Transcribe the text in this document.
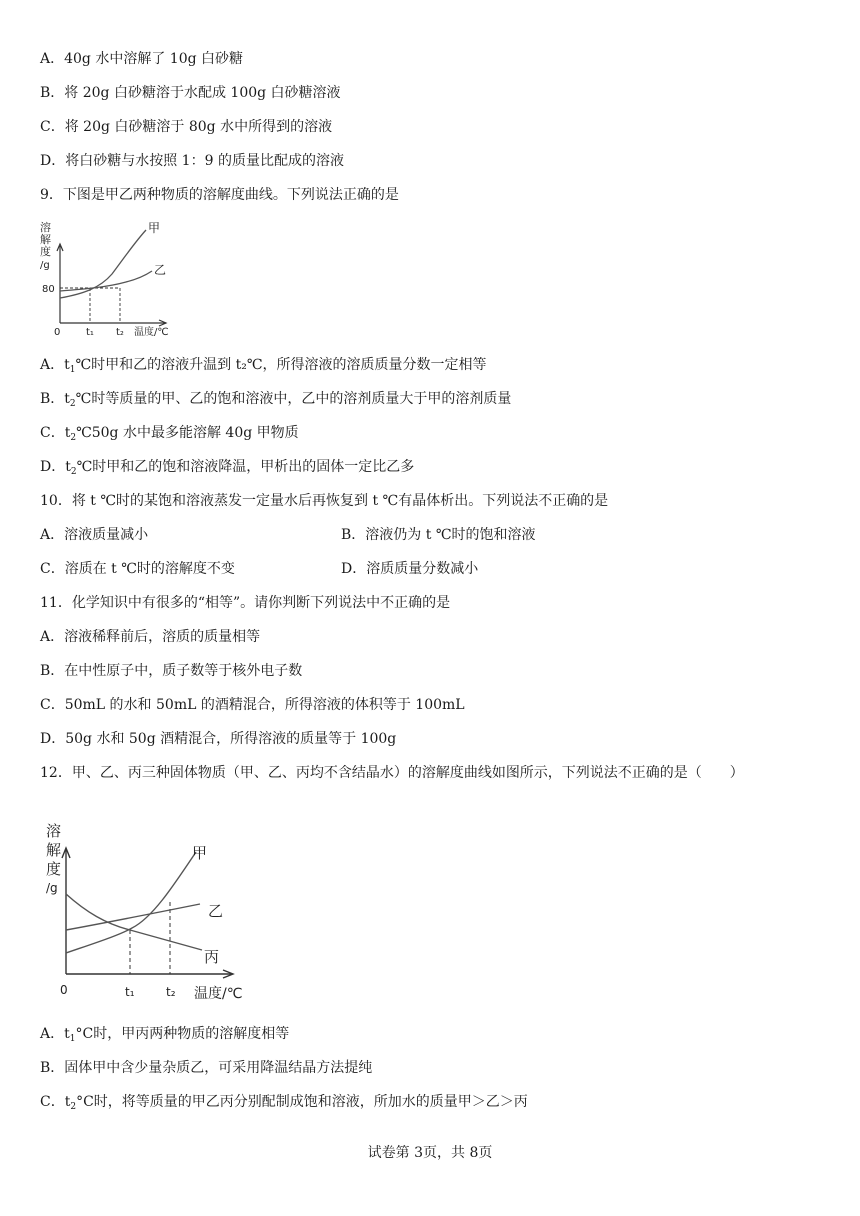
A．40g 水中溶解了 10g 白砂糖
B．将 20g 白砂糖溶于水配成 100g 白砂糖溶液
C．将 20g 白砂糖溶于 80g 水中所得到的溶液
D．将白砂糖与水按照 1：9 的质量比配成的溶液
9．下图是甲乙两种物质的溶解度曲线。下列说法正确的是
溶
解
度
/g
80
0	t₁ t₂ 温度/℃
甲
乙
A．$t_1℃$时甲和乙的溶液升温到 t₂℃，所得溶液的溶质质量分数一定相等
B．$t_2℃$时等质量的甲、乙的饱和溶液中，乙中的溶剂质量大于甲的溶剂质量
C．$t_2℃50g$ 水中最多能溶解 40g 甲物质
D．$t_2℃$时甲和乙的饱和溶液降温，甲析出的固体一定比乙多
10．将 t ℃时的某饱和溶液蒸发一定量水后再恢复到 t ℃有晶体析出。下列说法不正确的是
A．溶液质量减小	B．溶液仍为 t ℃时的饱和溶液
C．溶质在 t ℃时的溶解度不变	D．溶质质量分数减小
11．化学知识中有很多的“相等”。请你判断下列说法中不正确的是
A．溶液稀释前后，溶质的质量相等
B．在中性原子中，质子数等于核外电子数
C．50mL 的水和 50mL 的酒精混合，所得溶液的体积等于 100mL
D．50g 水和 50g 酒精混合，所得溶液的质量等于 100g
12．甲、乙、丙三种固体物质（甲、乙、丙均不含结晶水）的溶解度曲线如图所示，下列说法不正确的是（　　）
溶
解
度
/g
0	t₁	t₂ 温度/℃
甲
乙
丙
A．$t_1^\circ C$时，甲丙两种物质的溶解度相等
B．固体甲中含少量杂质乙，可采用降温结晶方法提纯
C．$t_2^\circ C$时，将等质量的甲乙丙分别配制成饱和溶液，所加水的质量甲＞乙＞丙
试卷第 3页，共 8页
